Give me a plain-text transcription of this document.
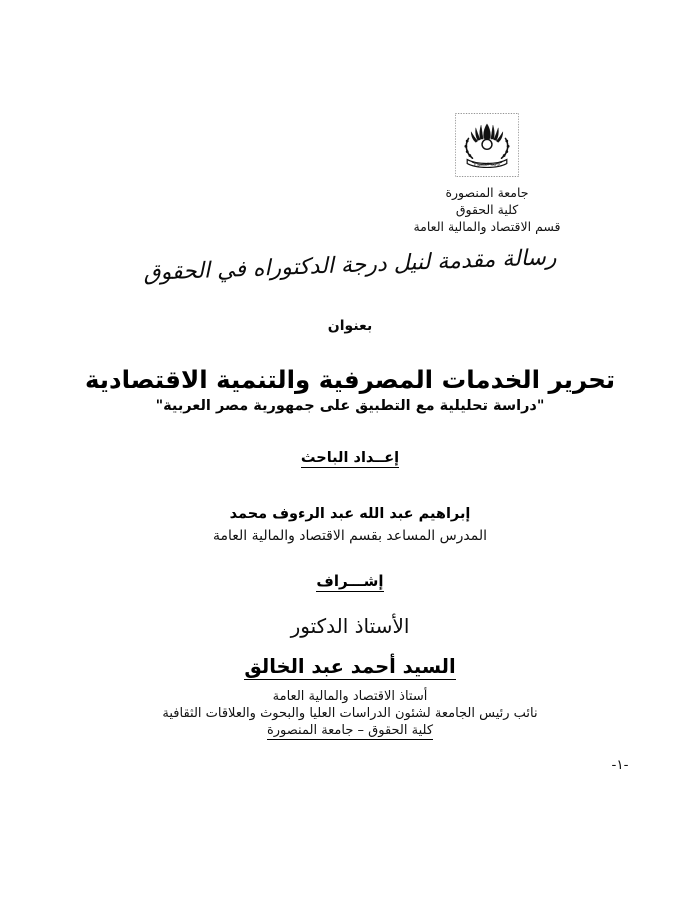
جامعة المنصورة
جامعة المنصورة
كلية الحقوق
قسم الاقتصاد والمالية العامة
رسالة مقدمة لنيل درجة الدكتوراه في الحقوق
بعنوان
تحرير الخدمات المصرفية والتنمية الاقتصادية
"دراسة تحليلية مع التطبيق على جمهورية مصر العربية"
إعــداد الباحث
إبراهيم عبد الله عبد الرءوف محمد
المدرس المساعد بقسم الاقتصاد والمالية العامة
إشـــراف
الأستاذ الدكتور
السيد أحمد عبد الخالق
أستاذ الاقتصاد والمالية العامة
نائب رئيس الجامعة لشئون الدراسات العليا والبحوث والعلاقات الثقافية
كلية الحقوق – جامعة المنصورة
-١-
